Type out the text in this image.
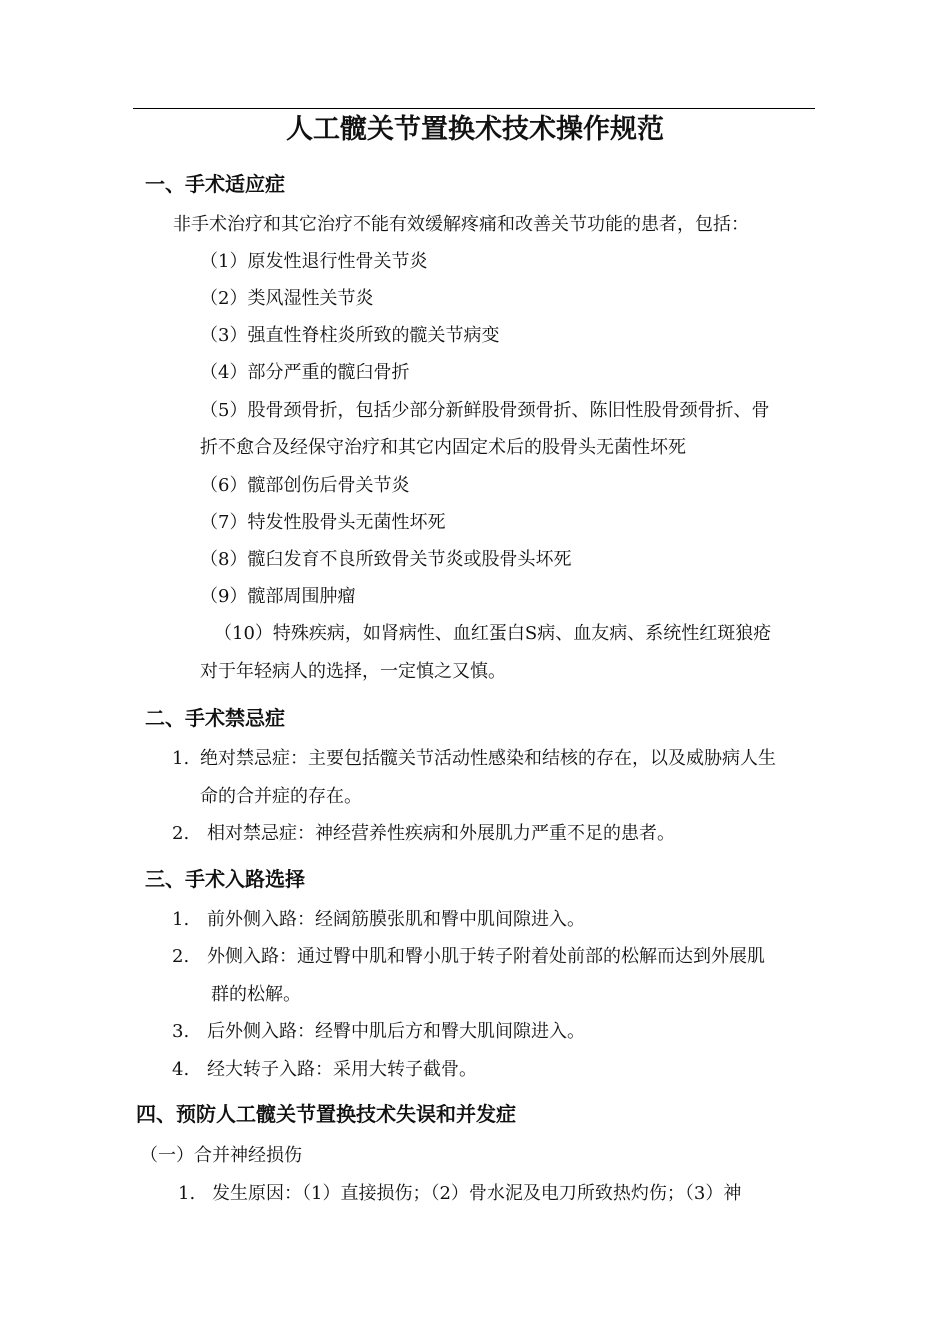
人工髋关节置换术技术操作规范
一、手术适应症
非手术治疗和其它治疗不能有效缓解疼痛和改善关节功能的患者，包括：
（1）原发性退行性骨关节炎
（2）类风湿性关节炎
（3）强直性脊柱炎所致的髋关节病变
（4）部分严重的髋臼骨折
（5）股骨颈骨折，包括少部分新鲜股骨颈骨折、陈旧性股骨颈骨折、骨
折不愈合及经保守治疗和其它内固定术后的股骨头无菌性坏死
（6）髋部创伤后骨关节炎
（7）特发性股骨头无菌性坏死
（8）髋臼发育不良所致骨关节炎或股骨头坏死
（9）髋部周围肿瘤
（10）特殊疾病，如肾病性、血红蛋白S病、血友病、系统性红斑狼疮
对于年轻病人的选择，一定慎之又慎。
二、手术禁忌症
1. 绝对禁忌症：主要包括髋关节活动性感染和结核的存在，以及威胁病人生
命的合并症的存在。
2. 相对禁忌症：神经营养性疾病和外展肌力严重不足的患者。
三、手术入路选择
1. 前外侧入路：经阔筋膜张肌和臀中肌间隙进入。
2. 外侧入路：通过臀中肌和臀小肌于转子附着处前部的松解而达到外展肌
群的松解。
3. 后外侧入路：经臀中肌后方和臀大肌间隙进入。
4. 经大转子入路：采用大转子截骨。
四、预防人工髋关节置换技术失误和并发症
（一）合并神经损伤
1. 发生原因：（1）直接损伤；（2）骨水泥及电刀所致热灼伤；（3）神
